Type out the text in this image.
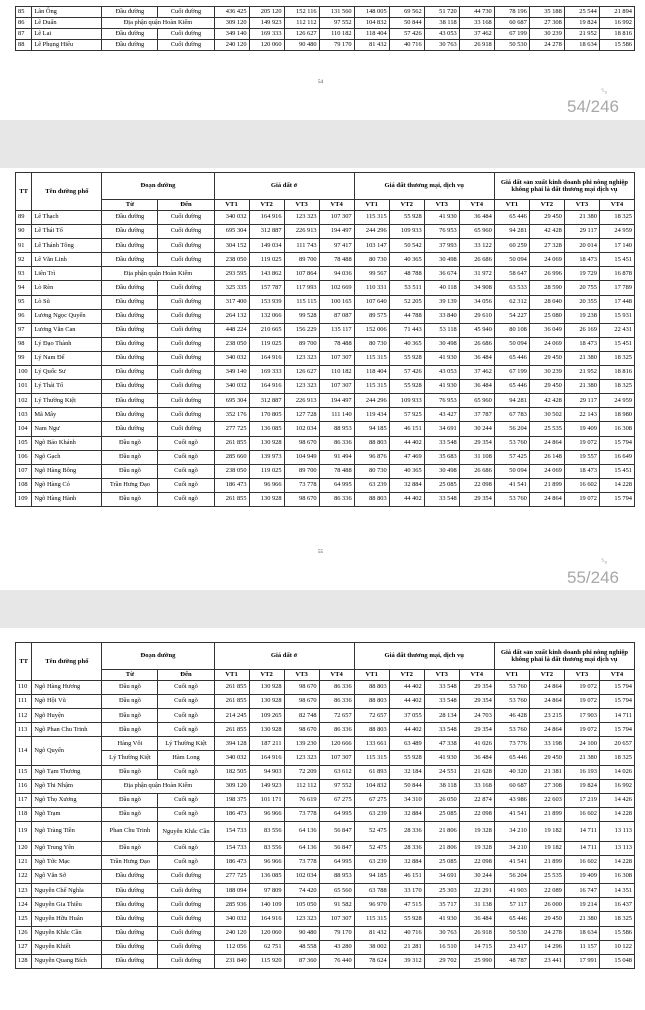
85	Lãn Ông	Đầu đường	Cuối đường	436 425	205 120	152 116	131 560	148 005	69 562	51 720	44 730	78 196	35 188	25 544	21 894
86	Lê Duẩn	Địa phận quận Hoàn Kiếm		309 120	149 923	112 112	97 552	104 832	50 844	38 118	33 168	60 687	27 308	19 824	16 992
87	Lê Lai	Đầu đường	Cuối đường	349 140	169 333	126 627	110 182	118 404	57 426	43 053	37 462	67 199	30 239	21 952	18 816
88	Lê Phụng Hiểu	Đầu đường	Cuối đường	240 120	120 060	90 480	79 170	81 432	40 716	30 763	26 918	50 530	24 278	18 634	15 586
54
⁵₃
54/246
TT	Tên đường phố	Đoạn đường		Giá đất ở				Giá đất thương mại, dịch vụ				Giá đất sản xuất kinh doanh phi nông nghiệp không phải là đất thương mại dịch vụ			
		Từ	Đến	VT1	VT2	VT3	VT4	VT1	VT2	VT3	VT4	VT1	VT2	VT3	VT4
89	Lê Thạch	Đầu đường	Cuối đường	340 032	164 916	123 323	107 307	115 315	55 928	41 930	36 484	65 446	29 450	21 380	18 325
90	Lê Thái Tổ	Đầu đường	Cuối đường	695 304	312 887	226 913	194 497	244 296	109 933	76 953	65 960	94 281	42 428	29 117	24 959
91	Lê Thánh Tông	Đầu đường	Cuối đường	304 152	149 034	111 743	97 417	103 147	50 542	37 993	33 122	60 259	27 328	20 014	17 140
92	Lê Văn Linh	Đầu đường	Cuối đường	238 050	119 025	89 700	78 488	80 730	40 365	30 498	26 686	50 094	24 069	18 473	15 451
93	Liên Trì	Địa phận quận Hoàn Kiếm		293 595	143 862	107 864	94 036	99 567	48 788	36 674	31 972	58 647	26 996	19 729	16 878
94	Lò Rèn	Đầu đường	Cuối đường	325 335	157 787	117 993	102 669	110 331	53 511	40 118	34 908	63 533	28 590	20 755	17 789
95	Lò Sũ	Đầu đường	Cuối đường	317 400	153 939	115 115	100 165	107 640	52 205	39 139	34 056	62 312	28 040	20 355	17 448
96	Lương Ngọc Quyến	Đầu đường	Cuối đường	264 132	132 066	99 528	87 087	89 575	44 788	33 840	29 610	54 227	25 080	19 238	15 931
97	Lương Văn Can	Đầu đường	Cuối đường	448 224	210 665	156 229	135 117	152 006	71 443	53 118	45 940	80 108	36 049	26 169	22 431
98	Lý Đạo Thành	Đầu đường	Cuối đường	238 050	119 025	89 700	78 488	80 730	40 365	30 498	26 686	50 094	24 069	18 473	15 451
99	Lý Nam Đế	Đầu đường	Cuối đường	340 032	164 916	123 323	107 307	115 315	55 928	41 930	36 484	65 446	29 450	21 380	18 325
100	Lý Quốc Sư	Đầu đường	Cuối đường	349 140	169 333	126 627	110 182	118 404	57 426	43 053	37 462	67 199	30 239	21 952	18 816
101	Lý Thái Tổ	Đầu đường	Cuối đường	340 032	164 916	123 323	107 307	115 315	55 928	41 930	36 484	65 446	29 450	21 380	18 325
102	Lý Thường Kiệt	Đầu đường	Cuối đường	695 304	312 887	226 913	194 497	244 296	109 933	76 953	65 960	94 281	42 428	29 117	24 959
103	Mã Mây	Đầu đường	Cuối đường	352 176	170 805	127 728	111 140	119 434	57 925	43 427	37 787	67 783	30 502	22 143	18 980
104	Nam Ngư	Đầu đường	Cuối đường	277 725	136 085	102 034	88 953	94 185	46 151	34 691	30 244	56 204	25 535	19 409	16 308
105	Ngõ Bảo Khánh	Đầu ngõ	Cuối ngõ	261 855	130 928	98 670	86 336	88 803	44 402	33 548	29 354	53 760	24 864	19 072	15 794
106	Ngõ Gạch	Đầu ngõ	Cuối ngõ	285 660	139 973	104 949	91 494	96 876	47 469	35 683	31 108	57 425	26 148	19 557	16 649
107	Ngõ Hàng Bông	Đầu ngõ	Cuối ngõ	238 050	119 025	89 700	78 488	80 730	40 365	30 498	26 686	50 094	24 069	18 473	15 451
108	Ngõ Hàng Cỏ	Trần Hưng Đạo	Cuối ngõ	186 473	96 966	73 778	64 995	63 239	32 884	25 085	22 098	41 541	21 899	16 602	14 228
109	Ngõ Hàng Hành	Đầu ngõ	Cuối ngõ	261 855	130 928	98 670	86 336	88 803	44 402	33 548	29 354	53 760	24 864	19 072	15 794
55
⁵₃
55/246
TT	Tên đường phố	Đoạn đường		Giá đất ở				Giá đất thương mại, dịch vụ				Giá đất sản xuất kinh doanh phi nông nghiệp không phải là đất thương mại dịch vụ			
		Từ	Đến	VT1	VT2	VT3	VT4	VT1	VT2	VT3	VT4	VT1	VT2	VT3	VT4
110	Ngõ Hàng Hương	Đầu ngõ	Cuối ngõ	261 855	130 928	98 670	86 336	88 803	44 402	33 548	29 354	53 760	24 864	19 072	15 794
111	Ngõ Hội Vũ	Đầu ngõ	Cuối ngõ	261 855	130 928	98 670	86 336	88 803	44 402	33 548	29 354	53 760	24 864	19 072	15 794
112	Ngõ Huyện	Đầu ngõ	Cuối ngõ	214 245	109 265	82 748	72 657	72 657	37 055	28 134	24 703	46 428	23 215	17 903	14 711
113	Ngõ Phan Chu Trinh	Đầu ngõ	Cuối ngõ	261 855	130 928	98 670	86 336	88 803	44 402	33 548	29 354	53 760	24 864	19 072	15 794
114	Ngõ Quyến	Hàng Vôi	Lý Thường Kiệt	394 128	187 211	139 230	120 666	133 661	63 489	47 338	41 026	73 776	33 198	24 100	20 657
		Lý Thường Kiệt	Hàm Long	340 032	164 916	123 323	107 307	115 315	55 928	41 930	36 484	65 446	29 450	21 380	18 325
115	Ngõ Tạm Thương	Đầu ngõ	Cuối ngõ	182 505	94 903	72 209	63 612	61 893	32 184	24 551	21 628	40 320	21 381	16 193	14 026
116	Ngõ Thi Nhậm	Địa phận quận Hoàn Kiếm		309 120	149 923	112 112	97 552	104 832	50 844	38 118	33 168	60 687	27 308	19 824	16 992
117	Ngõ Thọ Xương	Đầu ngõ	Cuối ngõ	198 375	101 171	76 619	67 275	67 275	34 310	26 050	22 874	43 986	22 603	17 219	14 426
118	Ngõ Trạm	Đầu ngõ	Cuối ngõ	186 473	96 966	73 778	64 995	63 239	32 884	25 085	22 098	41 541	21 899	16 602	14 228
119	Ngõ Tràng Tiền	Phan Chu Trinh	Nguyễn Khắc Cần	154 733	83 556	64 136	56 847	52 475	28 336	21 806	19 328	34 210	19 182	14 711	13 113
120	Ngõ Trung Yên	Đầu ngõ	Cuối ngõ	154 733	83 556	64 136	56 847	52 475	28 336	21 806	19 328	34 210	19 182	14 711	13 113
121	Ngõ Tức Mạc	Trần Hưng Đạo	Cuối ngõ	186 473	96 966	73 778	64 995	63 239	32 884	25 085	22 098	41 541	21 899	16 602	14 228
122	Ngô Văn Sở	Đầu đường	Cuối đường	277 725	136 085	102 034	88 953	94 185	46 151	34 691	30 244	56 204	25 535	19 409	16 308
123	Nguyễn Chế Nghĩa	Đầu đường	Cuối đường	188 094	97 809	74 420	65 560	63 788	33 170	25 303	22 291	41 903	22 089	16 747	14 351
124	Nguyễn Gia Thiều	Đầu đường	Cuối đường	285 936	140 109	105 050	91 582	96 970	47 515	35 717	31 138	57 117	26 000	19 214	16 437
125	Nguyễn Hữu Huân	Đầu đường	Cuối đường	340 032	164 916	123 323	107 307	115 315	55 928	41 930	36 484	65 446	29 450	21 380	18 325
126	Nguyễn Khắc Cần	Đầu đường	Cuối đường	240 120	120 060	90 480	79 170	81 432	40 716	30 763	26 918	50 530	24 278	18 634	15 586
127	Nguyễn Khiết	Đầu đường	Cuối đường	112 056	62 751	48 558	43 280	38 002	21 281	16 510	14 715	23 417	14 296	11 157	10 122
128	Nguyễn Quang Bích	Đầu đường	Cuối đường	231 840	115 920	87 360	76 440	78 624	39 312	29 702	25 990	48 787	23 441	17 991	15 048
